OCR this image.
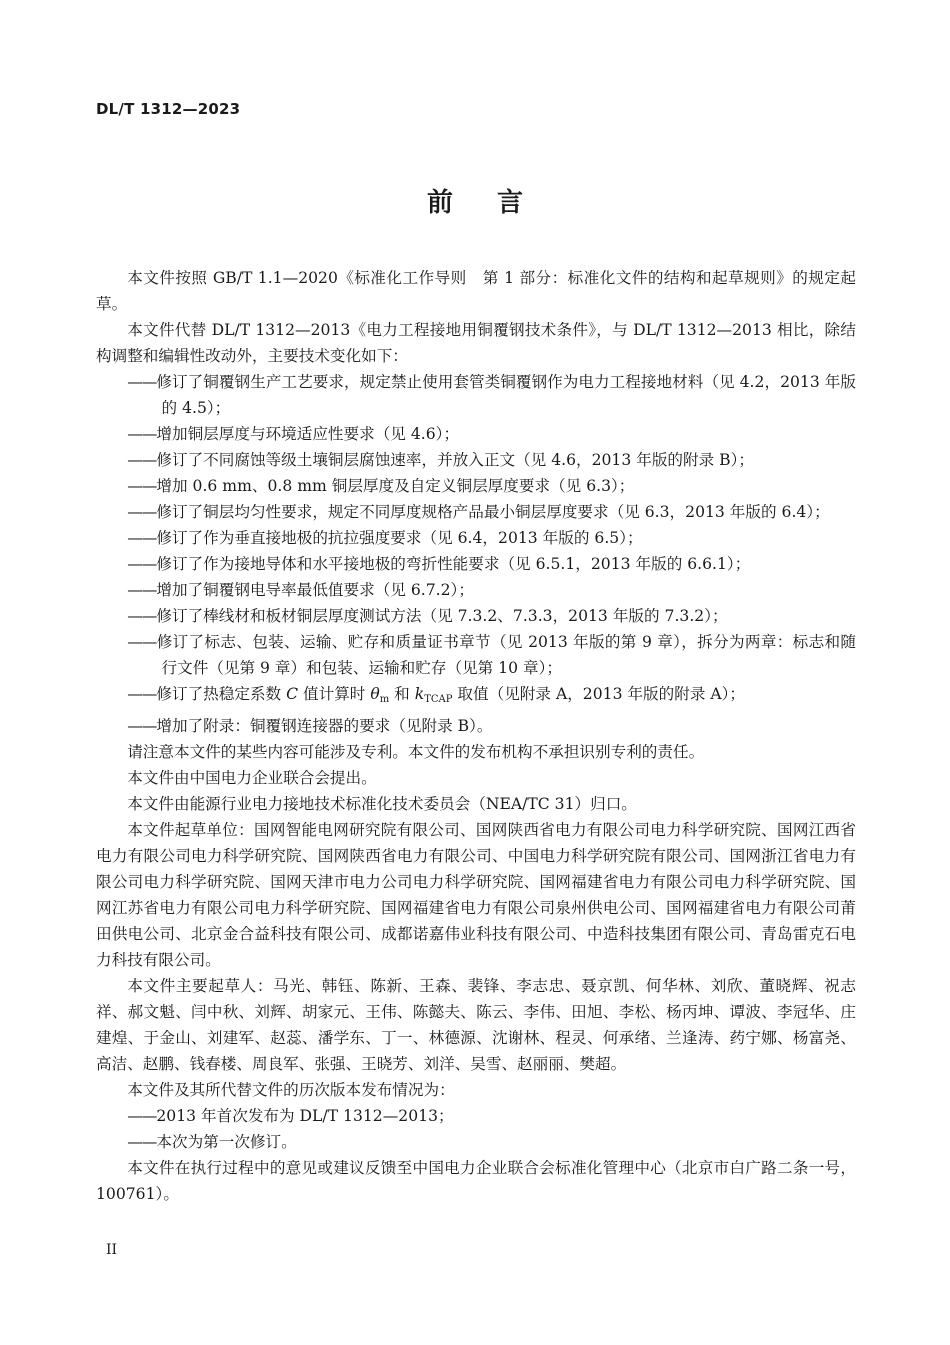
DL/T 1312—2023
前言

本文件按照 GB/T 1.1—2020《标准化工作导则　第 1 部分：标准化文件的结构和起草规则》的规定起草。

本文件代替 DL/T 1312—2013《电力工程接地用铜覆钢技术条件》，与 DL/T 1312—2013 相比，除结构调整和编辑性改动外，主要技术变化如下：

——修订了铜覆钢生产工艺要求，规定禁止使用套管类铜覆钢作为电力工程接地材料（见 4.2，2013 年版的 4.5）；

——增加铜层厚度与环境适应性要求（见 4.6）；

——修订了不同腐蚀等级土壤铜层腐蚀速率，并放入正文（见 4.6，2013 年版的附录 B）；

——增加 0.6 mm、0.8 mm 铜层厚度及自定义铜层厚度要求（见 6.3）；

——修订了铜层均匀性要求，规定不同厚度规格产品最小铜层厚度要求（见 6.3，2013 年版的 6.4）；

——修订了作为垂直接地极的抗拉强度要求（见 6.4，2013 年版的 6.5）；

——修订了作为接地导体和水平接地极的弯折性能要求（见 6.5.1，2013 年版的 6.6.1）；

——增加了铜覆钢电导率最低值要求（见 6.7.2）；

——修订了棒线材和板材铜层厚度测试方法（见 7.3.2、7.3.3，2013 年版的 7.3.2）；

——修订了标志、包装、运输、贮存和质量证书章节（见 2013 年版的第 9 章），拆分为两章：标志和随行文件（见第 9 章）和包装、运输和贮存（见第 10 章）；

——修订了热稳定系数 C 值计算时 $\theta_m$ 和 $k_{TCAP}$ 取值（见附录 A，2013 年版的附录 A）；

——增加了附录：铜覆钢连接器的要求（见附录 B）。

请注意本文件的某些内容可能涉及专利。本文件的发布机构不承担识别专利的责任。

本文件由中国电力企业联合会提出。

本文件由能源行业电力接地技术标准化技术委员会（NEA/TC 31）归口。

本文件起草单位：国网智能电网研究院有限公司、国网陕西省电力有限公司电力科学研究院、国网江西省电力有限公司电力科学研究院、国网陕西省电力有限公司、中国电力科学研究院有限公司、国网浙江省电力有限公司电力科学研究院、国网天津市电力公司电力科学研究院、国网福建省电力有限公司电力科学研究院、国网江苏省电力有限公司电力科学研究院、国网福建省电力有限公司泉州供电公司、国网福建省电力有限公司莆田供电公司、北京金合益科技有限公司、成都诺嘉伟业科技有限公司、中造科技集团有限公司、青岛雷克石电力科技有限公司。

本文件主要起草人：马光、韩钰、陈新、王森、裴锋、李志忠、聂京凯、何华林、刘欣、董晓辉、祝志祥、郝文魁、闫中秋、刘辉、胡家元、王伟、陈懿夫、陈云、李伟、田旭、李松、杨丙坤、谭波、李冠华、庄建煌、于金山、刘建军、赵蕊、潘学东、丁一、林德源、沈谢林、程灵、何承绪、兰逢涛、药宁娜、杨富尧、高洁、赵鹏、钱春楼、周良军、张强、王晓芳、刘洋、吴雪、赵丽丽、樊超。

本文件及其所代替文件的历次版本发布情况为：

——2013 年首次发布为 DL/T 1312—2013；

——本次为第一次修订。

本文件在执行过程中的意见或建议反馈至中国电力企业联合会标准化管理中心（北京市白广路二条一号，100761）。

II
